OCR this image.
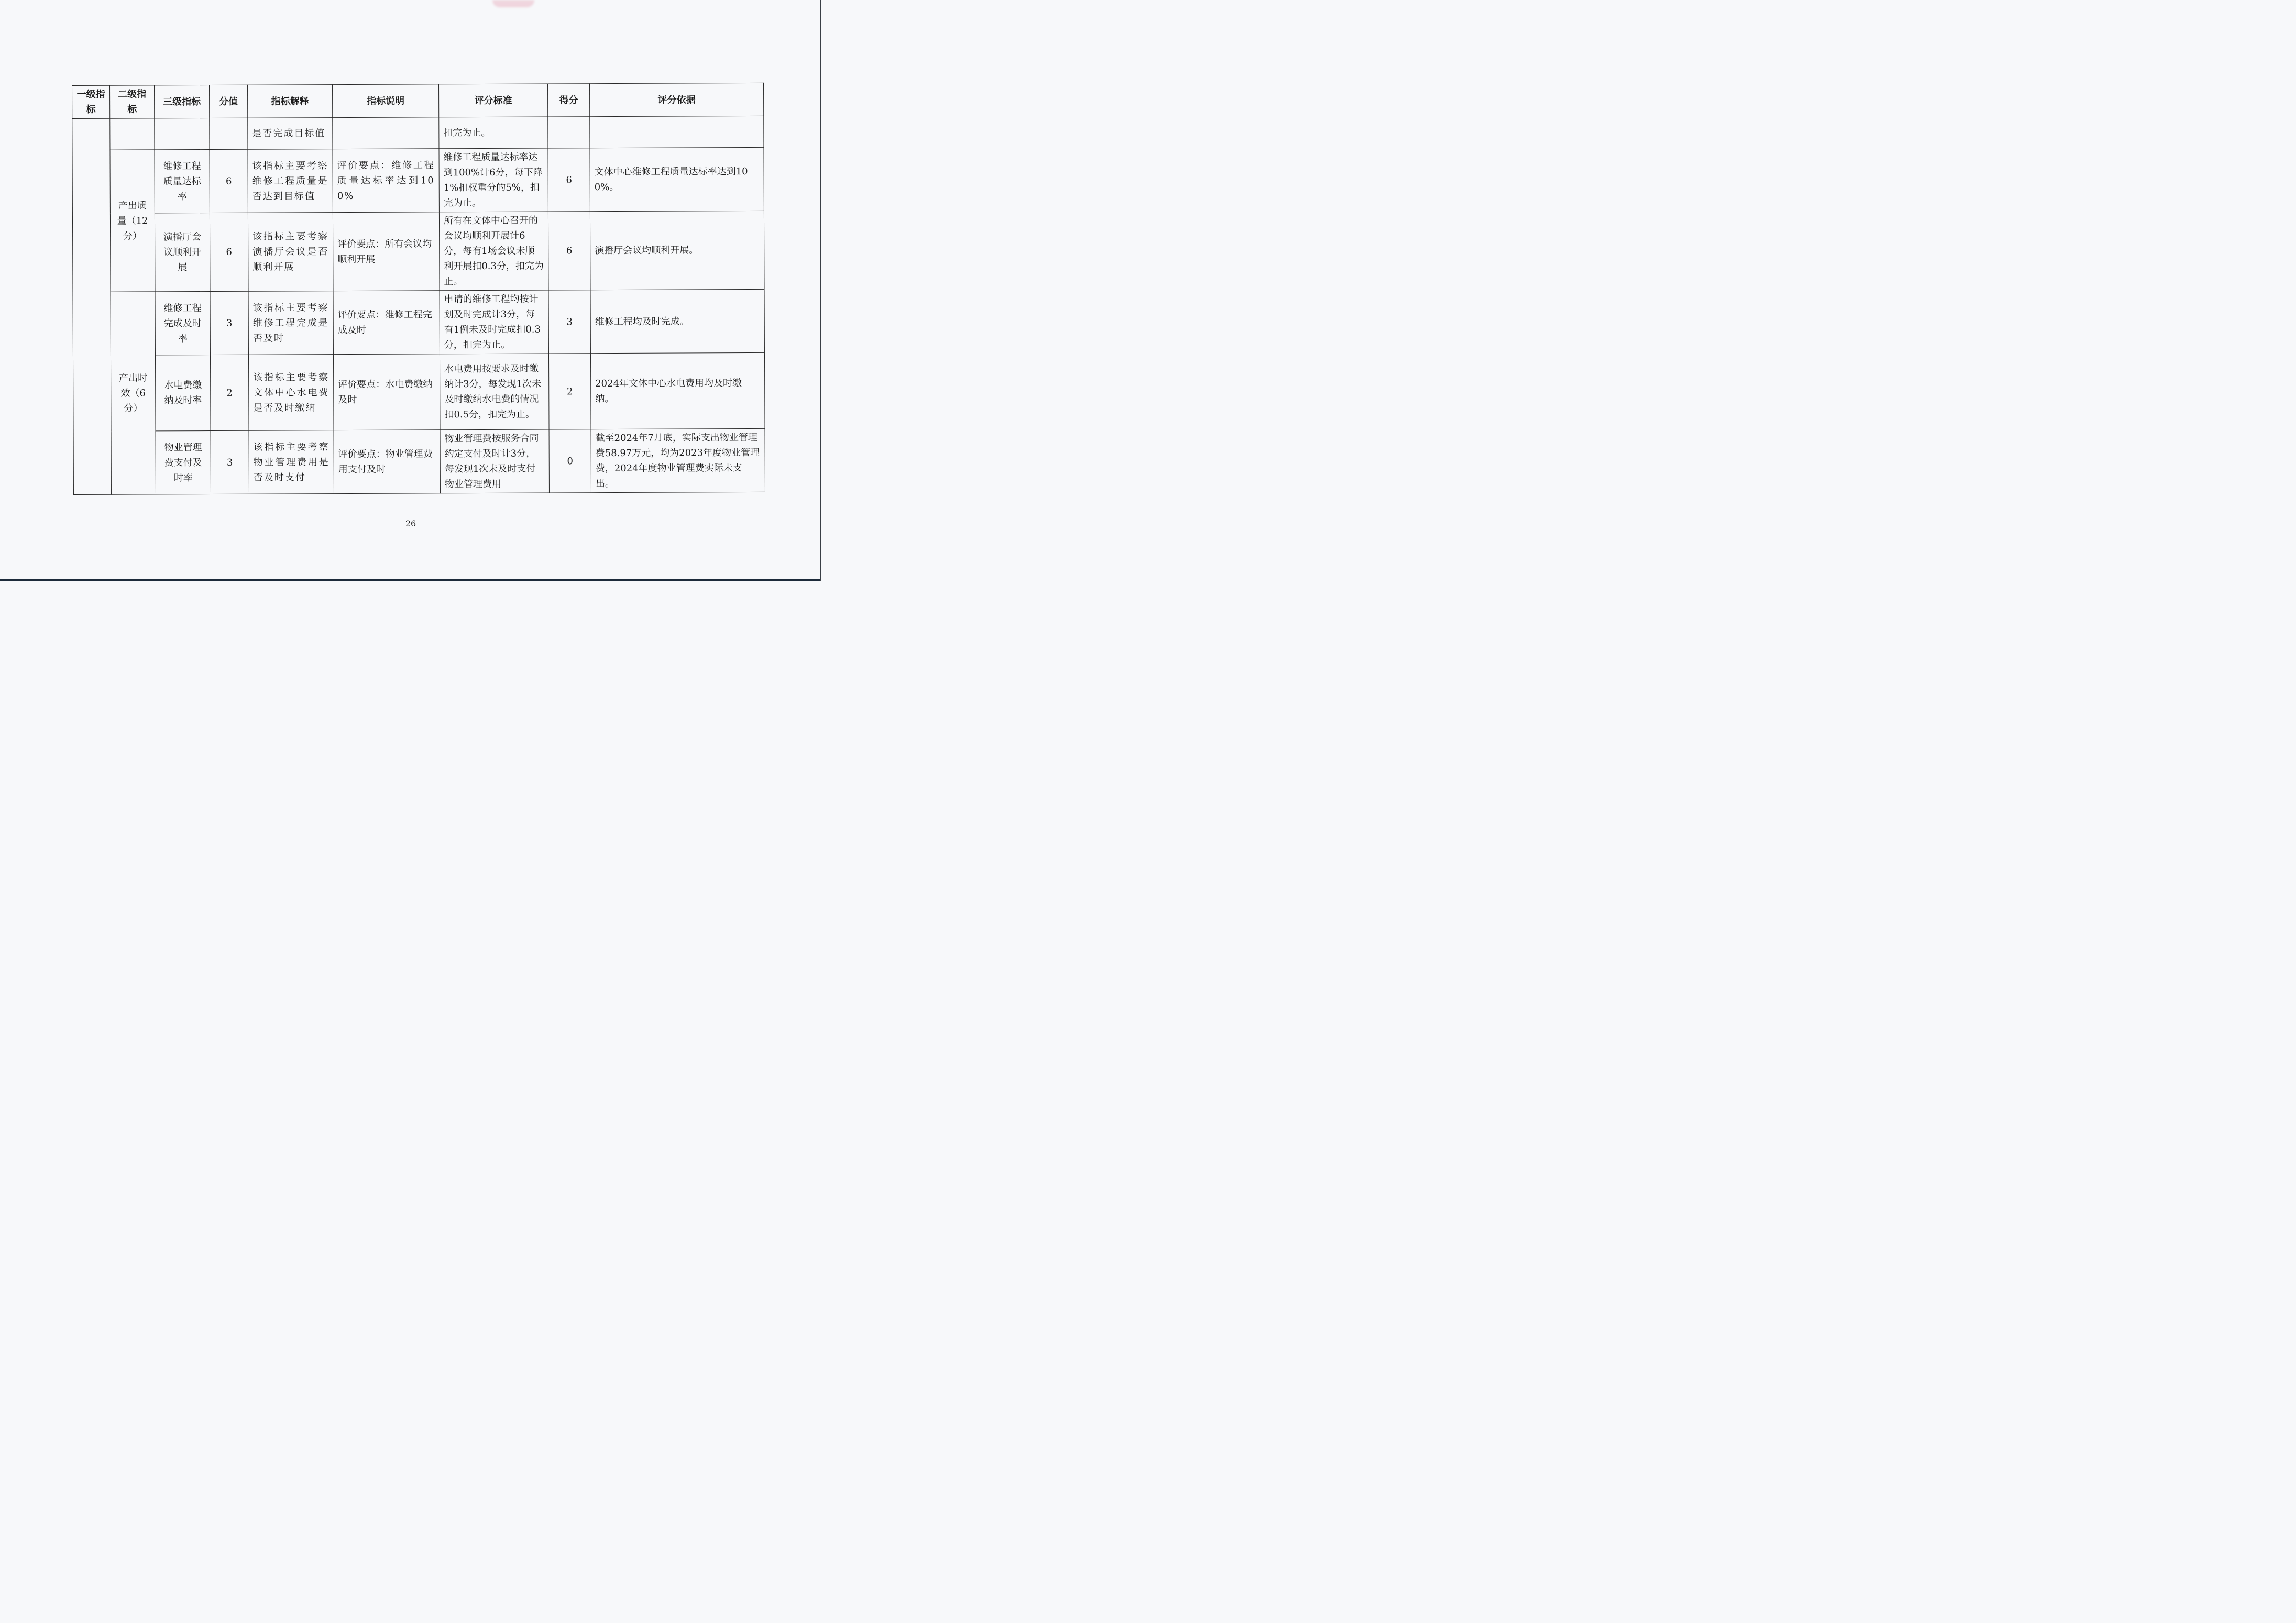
一级指标	二级指标	三级指标	分值	指标解释	指标说明	评分标准	得分	评分依据
				是否完成目标值		扣完为止。		
	产出质量（12分）	维修工程质量达标率	6	该指标主要考察维修工程质量是否达到目标值	评价要点：维修工程质量达标率达到100%	维修工程质量达标率达到100%计6分，每下降1%扣权重分的5%，扣完为止。	6	文体中心维修工程质量达标率达到100%。
		演播厅会议顺利开展	6	该指标主要考察演播厅会议是否顺利开展	评价要点：所有会议均顺利开展	所有在文体中心召开的会议均顺利开展计6分，每有1场会议未顺利开展扣0.3分，扣完为止。	6	演播厅会议均顺利开展。
	产出时效（6分）	维修工程完成及时率	3	该指标主要考察维修工程完成是否及时	评价要点：维修工程完成及时	申请的维修工程均按计划及时完成计3分，每有1例未及时完成扣0.3分，扣完为止。	3	维修工程均及时完成。
		水电费缴纳及时率	2	该指标主要考察文体中心水电费是否及时缴纳	评价要点：水电费缴纳及时	水电费用按要求及时缴纳计3分，每发现1次未及时缴纳水电费的情况扣0.5分，扣完为止。	2	2024年文体中心水电费用均及时缴纳。
		物业管理费支付及时率	3	该指标主要考察物业管理费用是否及时支付	评价要点：物业管理费用支付及时	物业管理费按服务合同约定支付及时计3分，每发现1次未及时支付物业管理费用	0	截至2024年7月底，实际支出物业管理费58.97万元，均为2023年度物业管理费，2024年度物业管理费实际未支出。
26
